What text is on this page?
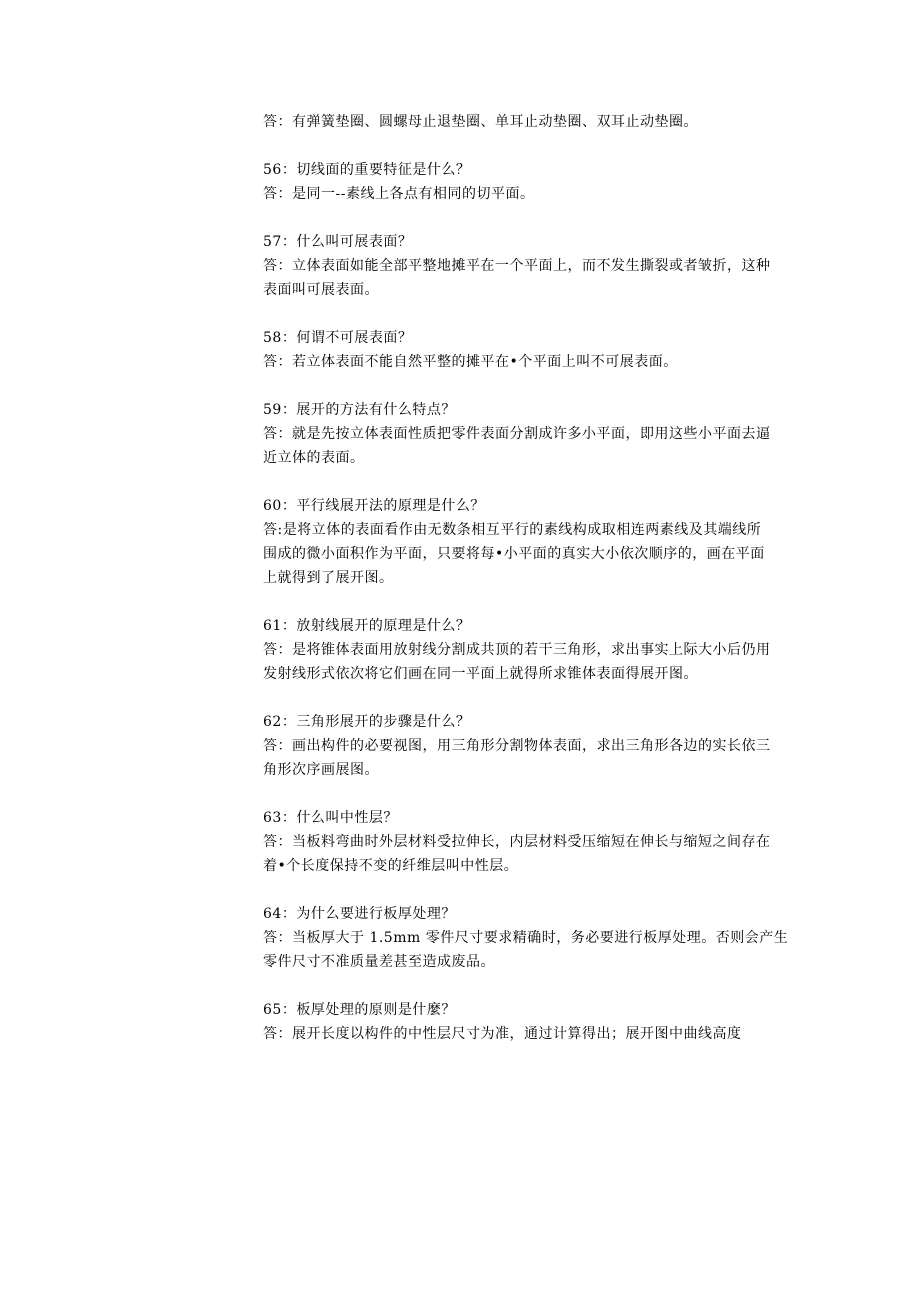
答：有弹簧垫圈、圆螺母止退垫圈、单耳止动垫圈、双耳止动垫圈。
56：切线面的重要特征是什么？
答：是同一--素线上各点有相同的切平面。
57：什么叫可展表面？
答：立体表面如能全部平整地摊平在一个平面上，而不发生撕裂或者皱折，这种
表面叫可展表面。
58：何谓不可展表面？
答：若立体表面不能自然平整的摊平在•个平面上叫不可展表面。
59：展开的方法有什么特点？
答：就是先按立体表面性质把零件表面分割成许多小平面，即用这些小平面去逼
近立体的表面。
60：平行线展开法的原理是什么？
答:是将立体的表面看作由无数条相互平行的素线构成取相连两素线及其端线所
围成的微小面积作为平面，只要将每•小平面的真实大小依次顺序的，画在平面
上就得到了展开图。
61：放射线展开的原理是什么？
答：是将锥体表面用放射线分割成共顶的若干三角形，求出事实上际大小后仍用
发射线形式依次将它们画在同一平面上就得所求锥体表面得展开图。
62：三角形展开的步骤是什么？
答：画出构件的必要视图，用三角形分割物体表面，求出三角形各边的实长依三
角形次序画展图。
63：什么叫中性层？
答：当板料弯曲时外层材料受拉伸长，内层材料受压缩短在伸长与缩短之间存在
着•个长度保持不变的纤维层叫中性层。
64：为什么要进行板厚处理？
答：当板厚大于 1.5mm 零件尺寸要求精确时，务必要进行板厚处理。否则会产生
零件尺寸不准质量差甚至造成废品。
65：板厚处理的原则是什麼？
答：展开长度以构件的中性层尺寸为准，通过计算得出；展开图中曲线高度
